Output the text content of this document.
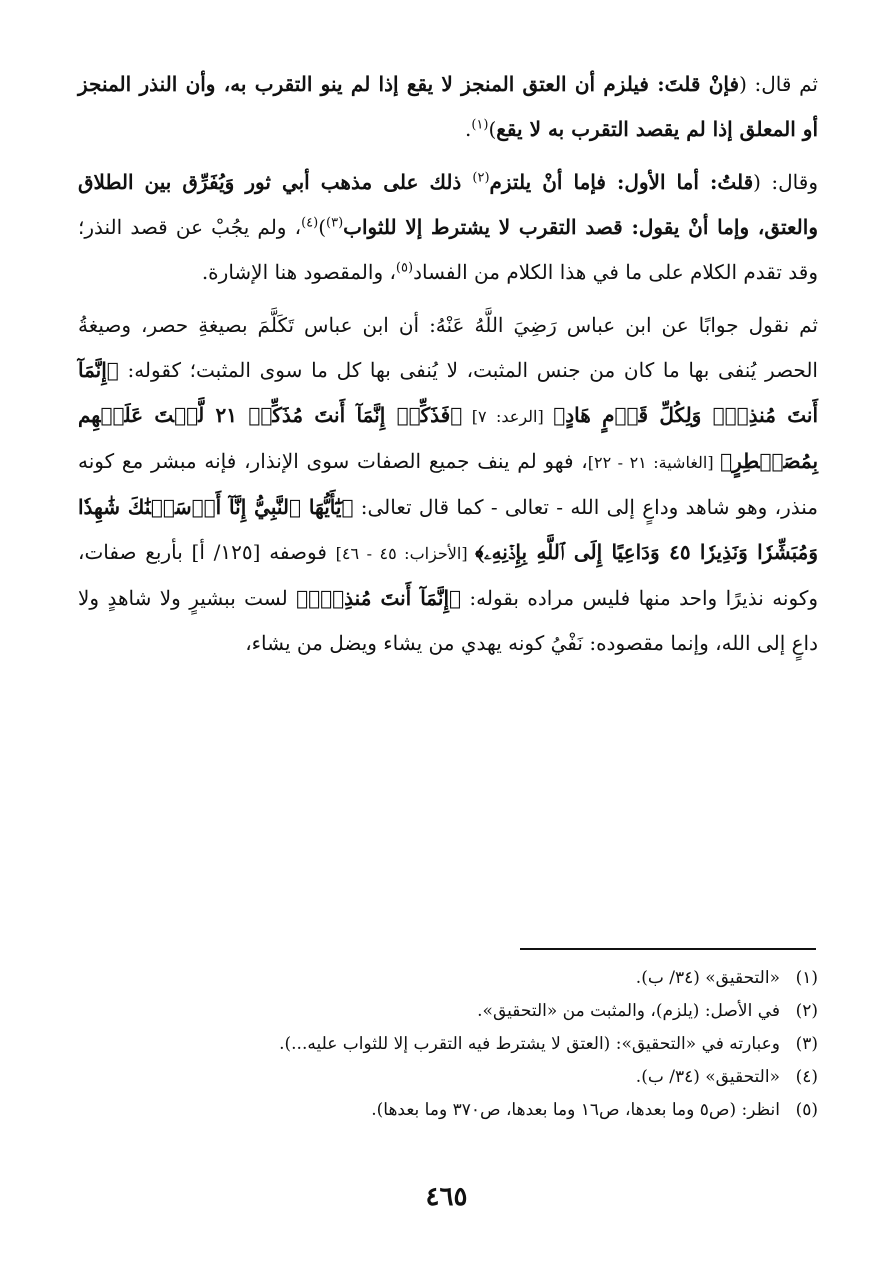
ثم قال: (فإنْ قلتَ: فيلزم أن العتق المنجز لا يقع إذا لم ينو التقرب به، وأن النذر المنجز أو المعلق إذا لم يقصد التقرب به لا يقع)$^{(١)}$.

وقال: (قلتُ: أما الأول: فإما أنْ يلتزم$^{(٢)}$ ذلك على مذهب أبي ثور وَيُفَرِّق بين الطلاق والعتق، وإما أنْ يقول: قصد التقرب لا يشترط إلا للثواب$^{(٣)}$)$^{(٤)}$، ولم يجُبْ عن قصد النذر؛ وقد تقدم الكلام على ما في هذا الكلام من الفساد$^{(٥)}$، والمقصود هنا الإشارة.

ثم نقول جوابًا عن ابن عباس رَضِيَ اللَّهُ عَنْهُ: أن ابن عباس تَكَلَّمَ بصيغةِ حصر، وصيغةُ الحصر يُنفى بها ما كان من جنس المثبت، لا يُنفى بها كل ما سوى المثبت؛ كقوله: ﴿إِنَّمَآ أَنتَ مُنذِرٌۖ وَلِكُلِّ قَوۡمٍ هَادٍ﴾ [الرعد: ٧] ﴿فَذَكِّرۡ إِنَّمَآ أَنتَ مُذَكِّرٞ ٢١ لَّسۡتَ عَلَيۡهِم بِمُصَيۡطِرٍ﴾ [الغاشية: ٢١ - ٢٢]، فهو لم ينف جميع الصفات سوى الإنذار، فإنه مبشر مع كونه منذر، وهو شاهد وداعٍ إلى الله - تعالى - كما قال تعالى: ﴿يَٰٓأَيُّهَا ٱلنَّبِيُّ إِنَّآ أَرۡسَلۡنَٰكَ شَٰهِدٗا وَمُبَشِّرٗا وَنَذِيرٗا ٤٥ وَدَاعِيًا إِلَى ٱللَّهِ بِإِذۡنِهِۦ﴾ [الأحزاب: ٤٥ - ٤٦] فوصفه [١٢٥/ أ] بأربع صفات، وكونه نذيرًا واحد منها فليس مراده بقوله: ﴿إِنَّمَآ أَنتَ مُنذِرٌۖ﴾ لست ببشيرٍ ولا شاهدٍ ولا داعٍ إلى الله، وإنما مقصوده: نَفْيُ كونه يهدي من يشاء ويضل من يشاء،

(١)«التحقيق» (٣٤/ ب).
(٢)في الأصل: (يلزم)، والمثبت من «التحقيق».
(٣)وعبارته في «التحقيق»: (العتق لا يشترط فيه التقرب إلا للثواب عليه...).
(٤)«التحقيق» (٣٤/ ب).
(٥)انظر: (ص٥ وما بعدها، ص١٦ وما بعدها، ص٣٧٠ وما بعدها).
٤٦٥
